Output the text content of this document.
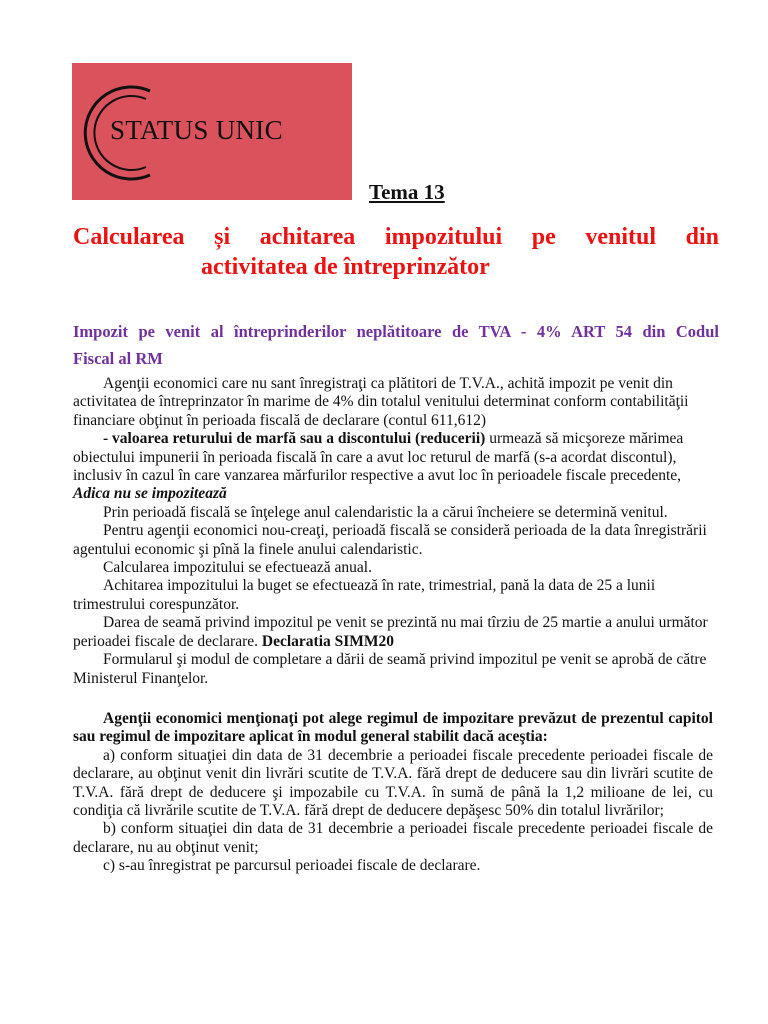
STATUS UNIC
Tema 13
Calcularea și achitarea impozitului pe venitul din
activitatea de întreprinzător
Impozit pe venit al întreprinderilor neplătitoare de TVA - 4% ART 54 din Codul
Fiscal al RM

Agenţii economici care nu sant înregistraţi ca plătitori de T.V.A., achită impozit pe venit din activitatea de întreprinzator în marime de 4% din totalul venitului determinat conform contabilităţii financiare obţinut în perioada fiscală de declarare (contul 611,612)

- valoarea returului de marfă sau a discontului (reducerii) urmează să micşoreze mărimea obiectului impunerii în perioada fiscală în care a avut loc returul de marfă (s-a acordat discontul), inclusiv în cazul în care vanzarea mărfurilor respective a avut loc în perioadele fiscale precedente, Adica nu se impozitează

Prin perioadă fiscală se înţelege anul calendaristic la a cărui încheiere se determină venitul.

Pentru agenţii economici nou-creaţi, perioadă fiscală se consideră perioada de la data înregistrării agentului economic şi pînă la finele anului calendaristic.

Calcularea impozitului se efectuează anual.

Achitarea impozitului la buget se efectuează în rate, trimestrial, pană la data de 25 a lunii trimestrului corespunzător.

Darea de seamă privind impozitul pe venit se prezintă nu mai tîrziu de 25 martie a anului următor perioadei fiscale de declarare. Declaratia SIMM20

Formularul şi modul de completare a dării de seamă privind impozitul pe venit se aprobă de către Ministerul Finanţelor.

Agenţii economici menţionaţi pot alege regimul de impozitare prevăzut de prezentul capitol sau regimul de impozitare aplicat în modul general stabilit dacă aceştia:

a) conform situaţiei din data de 31 decembrie a perioadei fiscale precedente perioadei fiscale de declarare, au obţinut venit din livrări scutite de T.V.A. fără drept de deducere sau din livrări scutite de T.V.A. fără drept de deducere şi impozabile cu T.V.A. în sumă de până la 1,2 milioane de lei, cu condiţia că livrările scutite de T.V.A. fără drept de deducere depăşesc 50% din totalul livrărilor;

b) conform situaţiei din data de 31 decembrie a perioadei fiscale precedente perioadei fiscale de declarare, nu au obţinut venit;

c) s-au înregistrat pe parcursul perioadei fiscale de declarare.
